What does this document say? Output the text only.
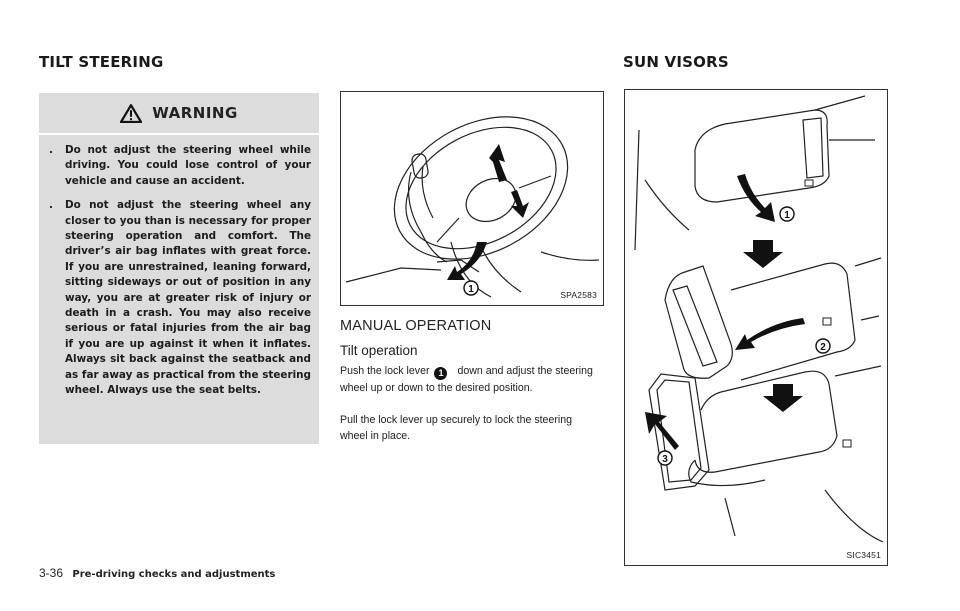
TILT STEERING	SUN VISORS
WARNING
.	Do not adjust the steering wheel while driving. You could lose control of your vehicle and cause an accident.
.	Do not adjust the steering wheel any closer to you than is necessary for proper steering operation and comfort. The driver’s air bag inflates with great force. If you are unrestrained, leaning forward, sitting sideways or out of position in any way, you are at greater risk of injury or death in a crash. You may also receive serious or fatal injuries from the air bag if you are up against it when it inflates. Always sit back against the seatback and as far away as practical from the steering wheel. Always use the seat belts.
1	SPA2583
MANUAL OPERATION
Tilt operation
Push the lock lever 1 down and adjust the steering wheel up or down to the desired position.
Pull the lock lever up securely to lock the steering wheel in place.
1
2
3
SIC3451
3-36 Pre-driving checks and adjustments
